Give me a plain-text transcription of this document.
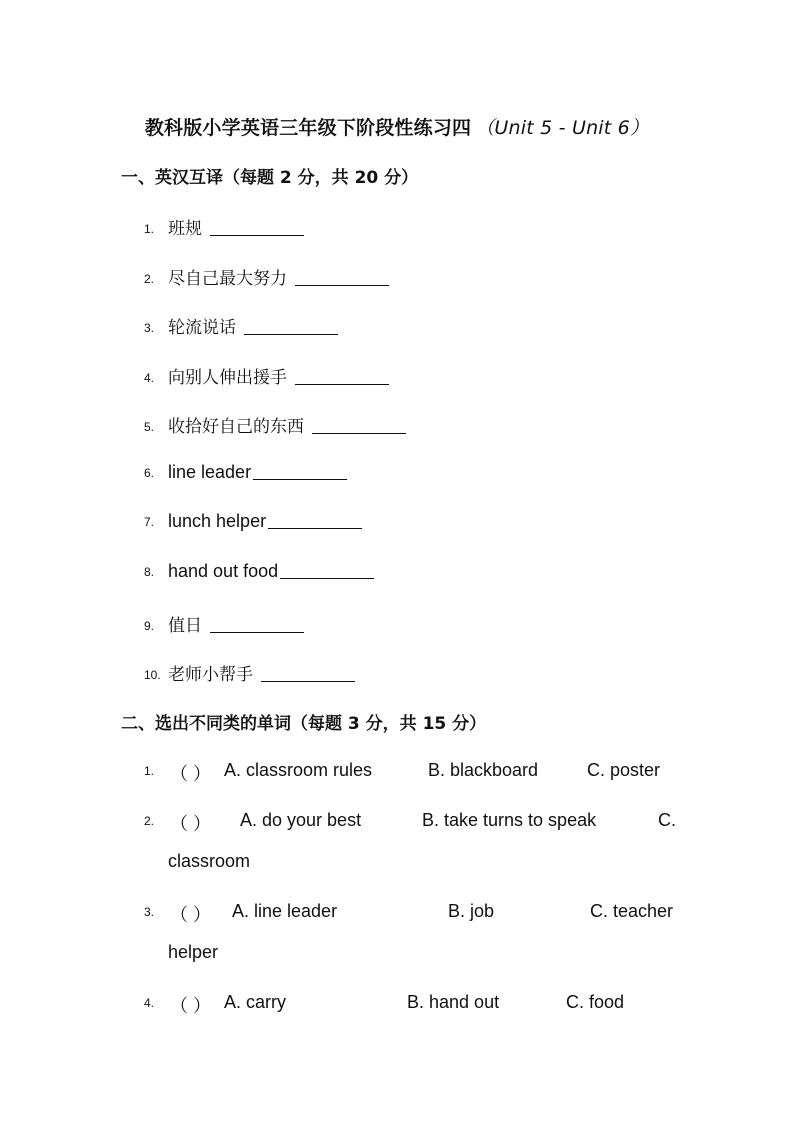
教科版小学英语三年级下阶段性练习四 （Unit 5 - Unit 6）
一、英汉互译（每题 2 分，共 20 分）
1. 班规
2. 尽自己最大努力
3. 轮流说话
4. 向别人伸出援手
5. 收拾好自己的东西
6. line leader
7. lunch helper
8. hand out food
9. 值日
10. 老师小帮手
二、选出不同类的单词（每题 3 分，共 15 分）
1. （ ） A. classroom rules	B. blackboard	C. poster
2. （ ） A. do your best	B. take turns to speak	C.
classroom
3. （ ） A. line leader	B. job	C. teacher
helper
4. （ ） A. carry	B. hand out	C. food
